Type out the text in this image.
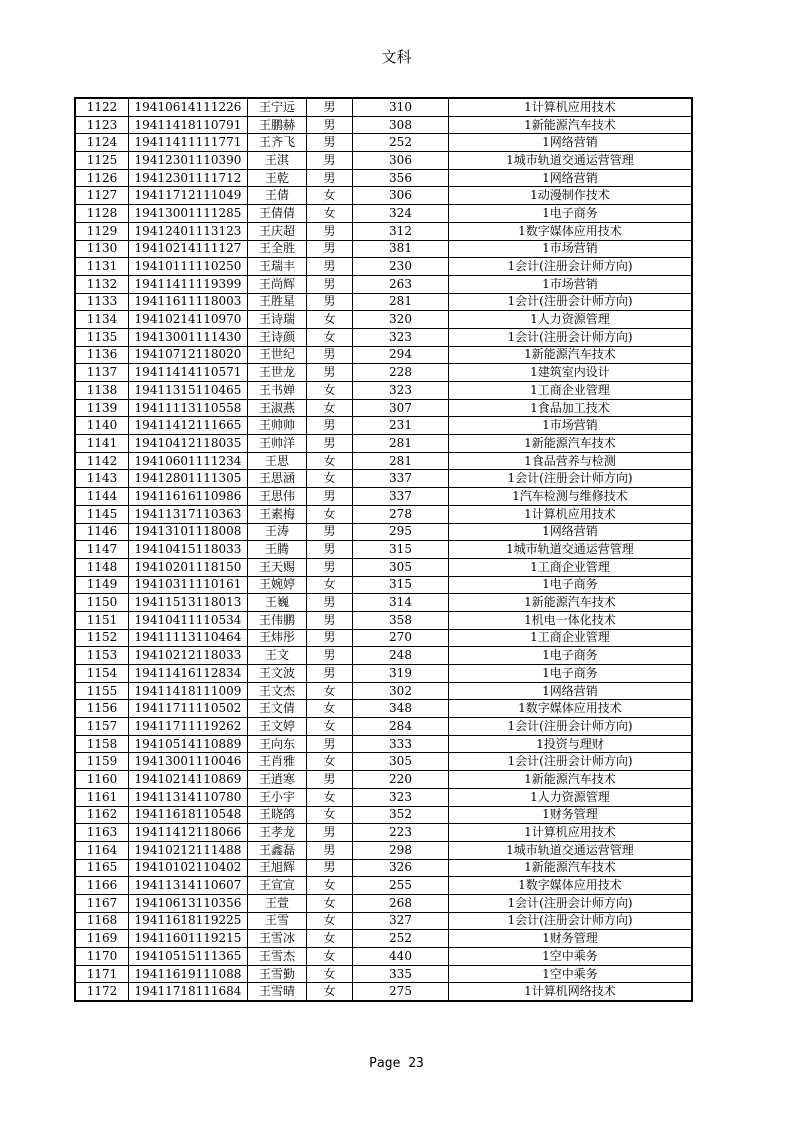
文科
1122	19410614111226	王宁远	男	310	1计算机应用技术
1123	19411418110791	王鹏赫	男	308	1新能源汽车技术
1124	19411411111771	王齐飞	男	252	1网络营销
1125	19412301110390	王淇	男	306	1城市轨道交通运营管理
1126	19412301111712	王乾	男	356	1网络营销
1127	19411712111049	王倩	女	306	1动漫制作技术
1128	19413001111285	王倩倩	女	324	1电子商务
1129	19412401113123	王庆超	男	312	1数字媒体应用技术
1130	19410214111127	王全胜	男	381	1市场营销
1131	19410111110250	王瑞丰	男	230	1会计(注册会计师方向)
1132	19411411119399	王尚辉	男	263	1市场营销
1133	19411611118003	王胜星	男	281	1会计(注册会计师方向)
1134	19410214110970	王诗瑞	女	320	1人力资源管理
1135	19413001111430	王诗颜	女	323	1会计(注册会计师方向)
1136	19410712118020	王世纪	男	294	1新能源汽车技术
1137	19411414110571	王世龙	男	228	1建筑室内设计
1138	19411315110465	王书婵	女	323	1工商企业管理
1139	19411113110558	王淑燕	女	307	1食品加工技术
1140	19411412111665	王帅帅	男	231	1市场营销
1141	19410412118035	王帅洋	男	281	1新能源汽车技术
1142	19410601111234	王思	女	281	1食品营养与检测
1143	19412801111305	王思涵	女	337	1会计(注册会计师方向)
1144	19411616110986	王思伟	男	337	1汽车检测与维修技术
1145	19411317110363	王素梅	女	278	1计算机应用技术
1146	19413101118008	王涛	男	295	1网络营销
1147	19410415118033	王腾	男	315	1城市轨道交通运营管理
1148	19410201118150	王天赐	男	305	1工商企业管理
1149	19410311110161	王婉婷	女	315	1电子商务
1150	19411513118013	王巍	男	314	1新能源汽车技术
1151	19410411110534	王伟鹏	男	358	1机电一体化技术
1152	19411113110464	王炜彤	男	270	1工商企业管理
1153	19410212118033	王文	男	248	1电子商务
1154	19411416112834	王文波	男	319	1电子商务
1155	19411418111009	王文杰	女	302	1网络营销
1156	19411711110502	王文倩	女	348	1数字媒体应用技术
1157	19411711119262	王文婷	女	284	1会计(注册会计师方向)
1158	19410514110889	王向东	男	333	1投资与理财
1159	19413001110046	王肖雅	女	305	1会计(注册会计师方向)
1160	19410214110869	王逍寒	男	220	1新能源汽车技术
1161	19411314110780	王小宇	女	323	1人力资源管理
1162	19411618110548	王晓鸽	女	352	1财务管理
1163	19411412118066	王孝龙	男	223	1计算机应用技术
1164	19410212111488	王鑫磊	男	298	1城市轨道交通运营管理
1165	19410102110402	王旭辉	男	326	1新能源汽车技术
1166	19411314110607	王宣宣	女	255	1数字媒体应用技术
1167	19410613110356	王萱	女	268	1会计(注册会计师方向)
1168	19411618119225	王雪	女	327	1会计(注册会计师方向)
1169	19411601119215	王雪冰	女	252	1财务管理
1170	19410515111365	王雪杰	女	440	1空中乘务
1171	19411619111088	王雪勤	女	335	1空中乘务
1172	19411718111684	王雪晴	女	275	1计算机网络技术
Page 23
